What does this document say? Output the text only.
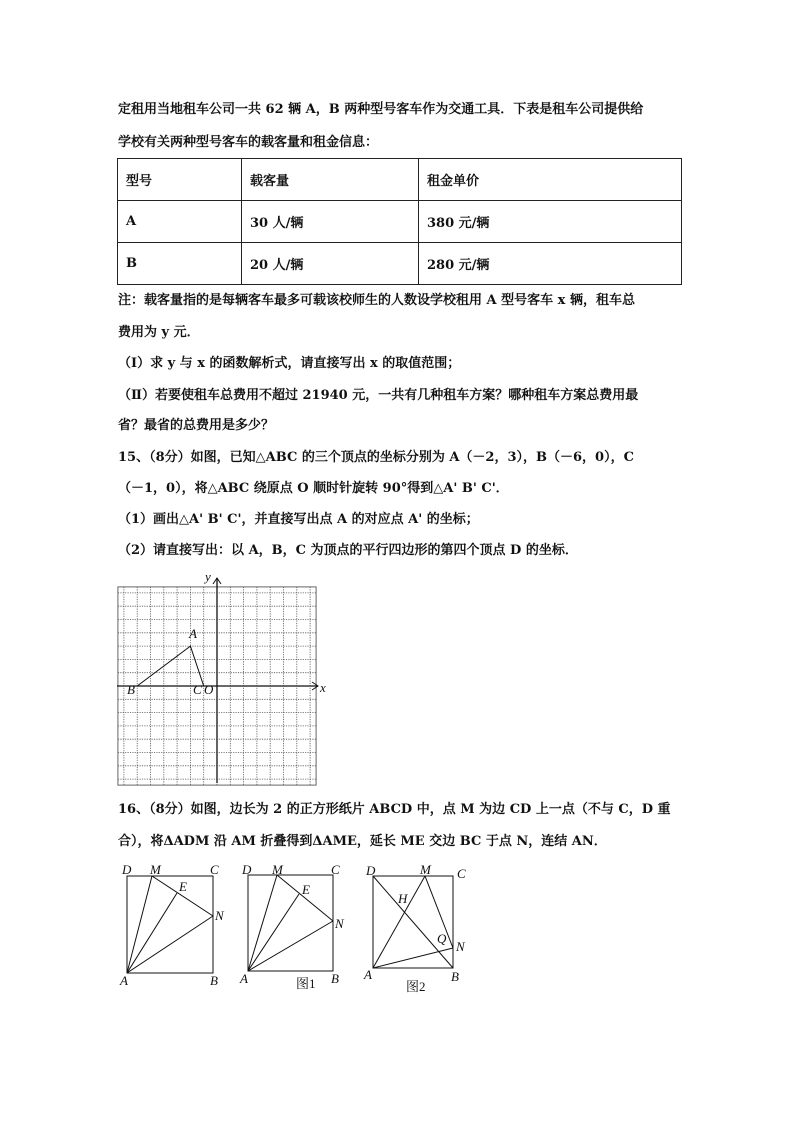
定租用当地租车公司一共 62 辆 A，B 两种型号客车作为交通工具．下表是租车公司提供给
学校有关两种型号客车的载客量和租金信息：
型号	载客量	租金单价
A	30 人/辆	380 元/辆
B	20 人/辆	280 元/辆
注：载客量指的是每辆客车最多可载该校师生的人数设学校租用 A 型号客车 x 辆，租车总
费用为 y 元．
（Ⅰ）求 y 与 x 的函数解析式，请直接写出 x 的取值范围；
（Ⅱ）若要使租车总费用不超过 21940 元，一共有几种租车方案？哪种租车方案总费用最
省？最省的总费用是多少？
15、（8分）如图，已知△ABC 的三个顶点的坐标分别为 A（－2，3），B（－6，0），C
（－1，0），将△ABC 绕原点 O 顺时针旋转 90°得到△A' B' C'．
（1）画出△A' B' C'，并直接写出点 A 的对应点 A' 的坐标；
（2）请直接写出：以 A，B，C 为顶点的平行四边形的第四个顶点 D 的坐标．
x
y
A
B	C O
D M	C
E
N
A	B
D M	C
E
N
A	B
图1
D	M C
H
Q
N
A	B
图2
16、（8分）如图，边长为 2 的正方形纸片 ABCD 中，点 M 为边 CD 上一点（不与 C，D 重
合），将ΔADM 沿 AM 折叠得到ΔAME，延长 ME 交边 BC 于点 N，连结 AN．
